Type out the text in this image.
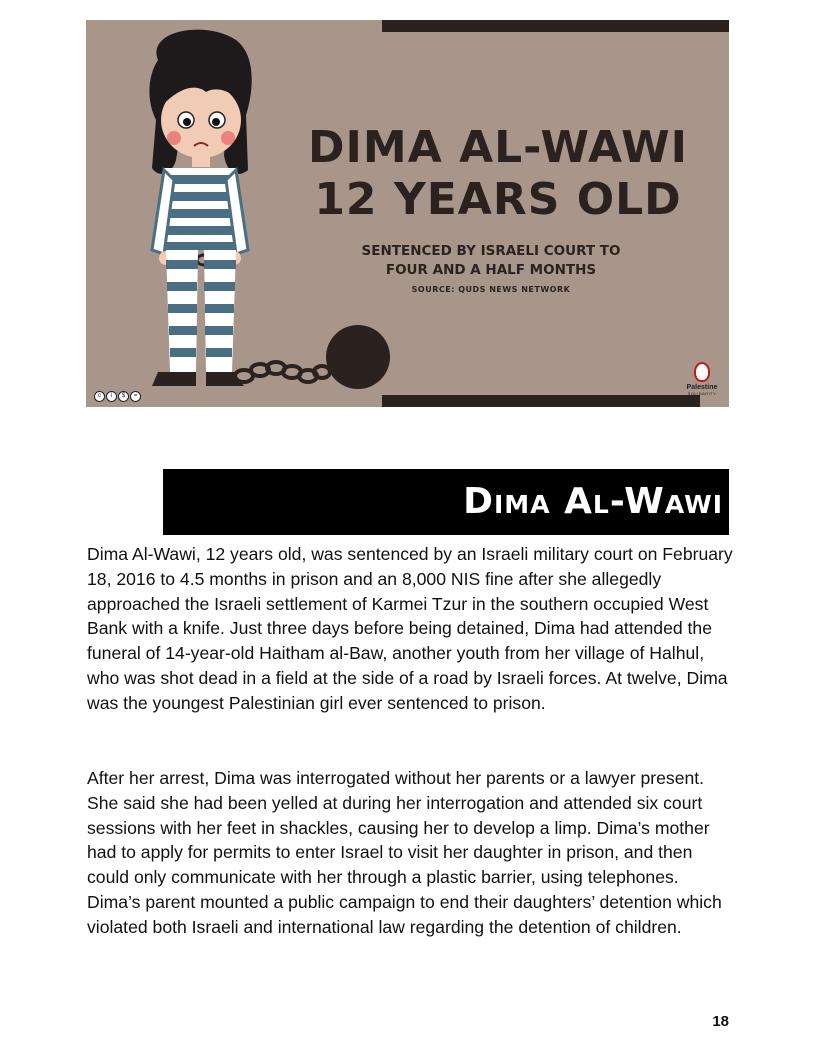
DIMA AL-WAWI
12 YEARS OLD
SENTENCED BY ISRAELI COURT TO
FOUR AND A HALF MONTHS
SOURCE: QUDS NEWS NETWORK
c	i	$	=
Palestine
SOLIDARITY
Dima Al-Wawi

Dima Al-Wawi, 12 years old, was sentenced by an Israeli military court on February 18, 2016 to 4.5 months in prison and an 8,000 NIS fine after she allegedly approached the Israeli settlement of Karmei Tzur in the southern occupied West Bank with a knife. Just three days before being detained, Dima had attended the funeral of 14-year-old Haitham al-Baw, another youth from her village of Halhul, who was shot dead in a field at the side of a road by Israeli forces. At twelve, Dima was the youngest Palestinian girl ever sentenced to prison.

After her arrest, Dima was interrogated without her parents or a lawyer present. She said she had been yelled at during her interrogation and attended six court sessions with her feet in shackles, causing her to develop a limp. Dima’s mother had to apply for permits to enter Israel to visit her daughter in prison, and then could only communicate with her through a plastic barrier, using telephones. Dima’s parent mounted a public campaign to end their daughters’ detention which violated both Israeli and international law regarding the detention of children.

18
